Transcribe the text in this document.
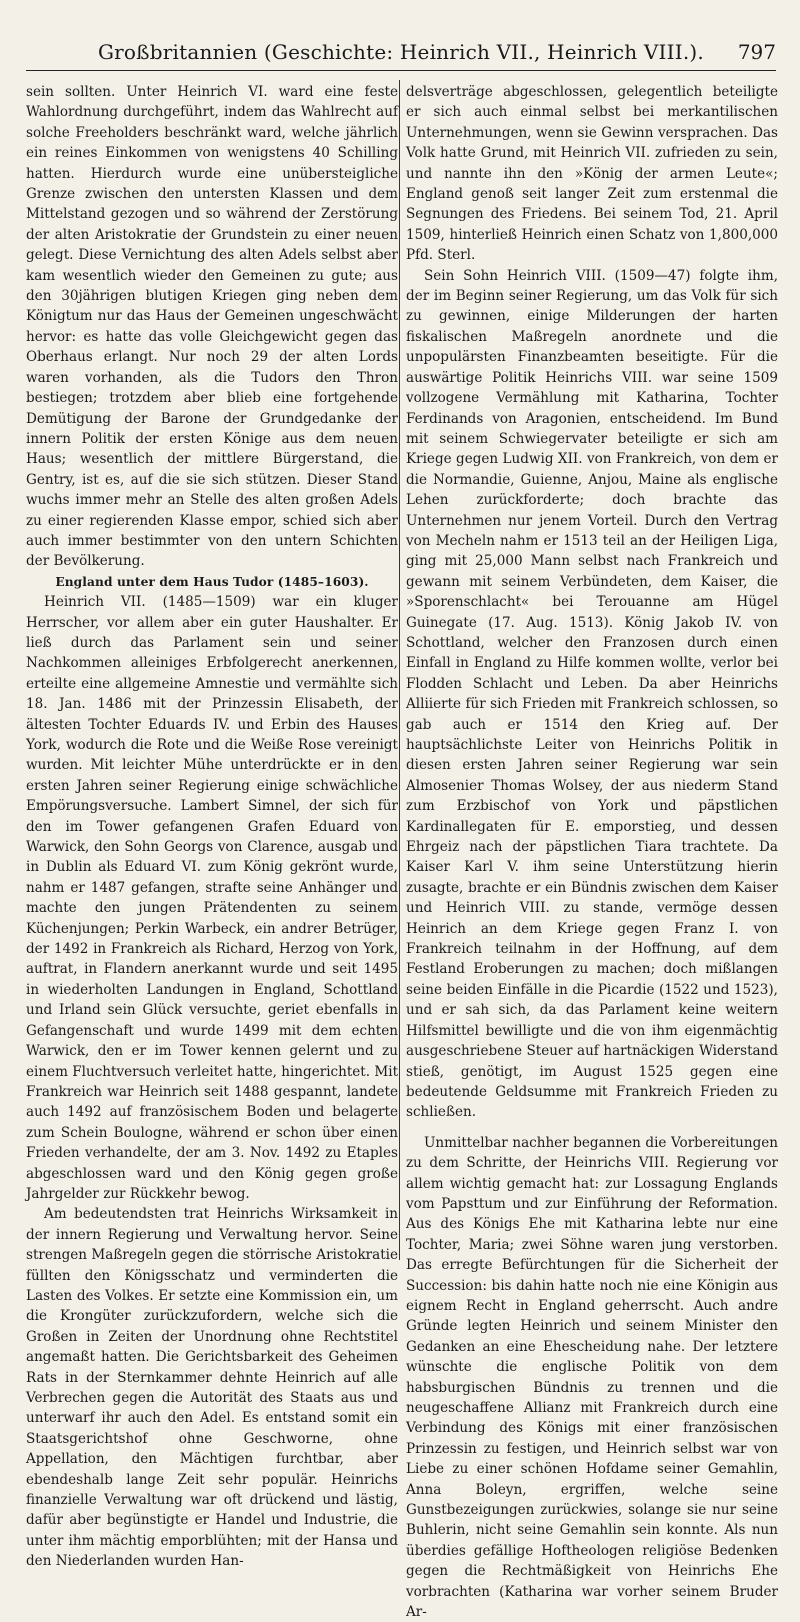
Großbritannien (Geschichte: Heinrich VII., Heinrich VIII.).	797

sein sollten. Unter Heinrich VI. ward eine feste Wahlordnung durchgeführt, indem das Wahlrecht auf solche Freeholders beschränkt ward, welche jährlich ein reines Einkommen von wenigstens 40 Schilling hatten. Hierdurch wurde eine unübersteigliche Grenze zwischen den untersten Klassen und dem Mittelstand gezogen und so während der Zerstörung der alten Aristokratie der Grundstein zu einer neuen gelegt. Diese Vernichtung des alten Adels selbst aber kam wesentlich wieder den Gemeinen zu gute; aus den 30jährigen blutigen Kriegen ging neben dem Königtum nur das Haus der Gemeinen ungeschwächt hervor: es hatte das volle Gleichgewicht gegen das Oberhaus erlangt. Nur noch 29 der alten Lords waren vorhanden, als die Tudors den Thron bestiegen; trotzdem aber blieb eine fortgehende Demütigung der Barone der Grundgedanke der innern Politik der ersten Könige aus dem neuen Haus; wesentlich der mittlere Bürgerstand, die Gentry, ist es, auf die sie sich stützen. Dieser Stand wuchs immer mehr an Stelle des alten großen Adels zu einer regierenden Klasse empor, schied sich aber auch immer bestimmter von den untern Schichten der Bevölkerung.

England unter dem Haus Tudor (1485–1603).

Heinrich VII. (1485—1509) war ein kluger Herrscher, vor allem aber ein guter Haushalter. Er ließ durch das Parlament sein und seiner Nachkommen alleiniges Erbfolgerecht anerkennen, erteilte eine allgemeine Amnestie und vermählte sich 18. Jan. 1486 mit der Prinzessin Elisabeth, der ältesten Tochter Eduards IV. und Erbin des Hauses York, wodurch die Rote und die Weiße Rose vereinigt wurden. Mit leichter Mühe unterdrückte er in den ersten Jahren seiner Regierung einige schwächliche Empörungsversuche. Lambert Simnel, der sich für den im Tower gefangenen Grafen Eduard von Warwick, den Sohn Georgs von Clarence, ausgab und in Dublin als Eduard VI. zum König gekrönt wurde, nahm er 1487 gefangen, strafte seine Anhänger und machte den jungen Prätendenten zu seinem Küchenjungen; Perkin Warbeck, ein andrer Betrüger, der 1492 in Frankreich als Richard, Herzog von York, auftrat, in Flandern anerkannt wurde und seit 1495 in wiederholten Landungen in England, Schottland und Irland sein Glück versuchte, geriet ebenfalls in Gefangenschaft und wurde 1499 mit dem echten Warwick, den er im Tower kennen gelernt und zu einem Fluchtversuch verleitet hatte, hingerichtet. Mit Frankreich war Heinrich seit 1488 gespannt, landete auch 1492 auf französischem Boden und belagerte zum Schein Boulogne, während er schon über einen Frieden verhandelte, der am 3. Nov. 1492 zu Etaples abgeschlossen ward und den König gegen große Jahrgelder zur Rückkehr bewog.

Am bedeutendsten trat Heinrichs Wirksamkeit in der innern Regierung und Verwaltung hervor. Seine strengen Maßregeln gegen die störrische Aristokratie füllten den Königsschatz und verminderten die Lasten des Volkes. Er setzte eine Kommission ein, um die Krongüter zurückzufordern, welche sich die Großen in Zeiten der Unordnung ohne Rechtstitel angemaßt hatten. Die Gerichtsbarkeit des Geheimen Rats in der Sternkammer dehnte Heinrich auf alle Verbrechen gegen die Autorität des Staats aus und unterwarf ihr auch den Adel. Es entstand somit ein Staatsgerichtshof ohne Geschworne, ohne Appellation, den Mächtigen furchtbar, aber ebendeshalb lange Zeit sehr populär. Heinrichs finanzielle Verwaltung war oft drückend und lästig, dafür aber begünstigte er Handel und Industrie, die unter ihm mächtig emporblühten; mit der Hansa und den Niederlanden wurden Han-

delsverträge abgeschlossen, gelegentlich beteiligte er sich auch einmal selbst bei merkantilischen Unternehmungen, wenn sie Gewinn versprachen. Das Volk hatte Grund, mit Heinrich VII. zufrieden zu sein, und nannte ihn den »König der armen Leute«; England genoß seit langer Zeit zum erstenmal die Segnungen des Friedens. Bei seinem Tod, 21. April 1509, hinterließ Heinrich einen Schatz von 1,800,000 Pfd. Sterl.

Sein Sohn Heinrich VIII. (1509—47) folgte ihm, der im Beginn seiner Regierung, um das Volk für sich zu gewinnen, einige Milderungen der harten fiskalischen Maßregeln anordnete und die unpopulärsten Finanzbeamten beseitigte. Für die auswärtige Politik Heinrichs VIII. war seine 1509 vollzogene Vermählung mit Katharina, Tochter Ferdinands von Aragonien, entscheidend. Im Bund mit seinem Schwiegervater beteiligte er sich am Kriege gegen Ludwig XII. von Frankreich, von dem er die Normandie, Guienne, Anjou, Maine als englische Lehen zurückforderte; doch brachte das Unternehmen nur jenem Vorteil. Durch den Vertrag von Mecheln nahm er 1513 teil an der Heiligen Liga, ging mit 25,000 Mann selbst nach Frankreich und gewann mit seinem Verbündeten, dem Kaiser, die »Sporenschlacht« bei Terouanne am Hügel Guinegate (17. Aug. 1513). König Jakob IV. von Schottland, welcher den Franzosen durch einen Einfall in England zu Hilfe kommen wollte, verlor bei Flodden Schlacht und Leben. Da aber Heinrichs Alliierte für sich Frieden mit Frankreich schlossen, so gab auch er 1514 den Krieg auf. Der hauptsächlichste Leiter von Heinrichs Politik in diesen ersten Jahren seiner Regierung war sein Almosenier Thomas Wolsey, der aus niederm Stand zum Erzbischof von York und päpstlichen Kardinallegaten für E. emporstieg, und dessen Ehrgeiz nach der päpstlichen Tiara trachtete. Da Kaiser Karl V. ihm seine Unterstützung hierin zusagte, brachte er ein Bündnis zwischen dem Kaiser und Heinrich VIII. zu stande, vermöge dessen Heinrich an dem Kriege gegen Franz I. von Frankreich teilnahm in der Hoffnung, auf dem Festland Eroberungen zu machen; doch mißlangen seine beiden Einfälle in die Picardie (1522 und 1523), und er sah sich, da das Parlament keine weitern Hilfsmittel bewilligte und die von ihm eigenmächtig ausgeschriebene Steuer auf hartnäckigen Widerstand stieß, genötigt, im August 1525 gegen eine bedeutende Geldsumme mit Frankreich Frieden zu schließen.

Unmittelbar nachher begannen die Vorbereitungen zu dem Schritte, der Heinrichs VIII. Regierung vor allem wichtig gemacht hat: zur Lossagung Englands vom Papsttum und zur Einführung der Reformation. Aus des Königs Ehe mit Katharina lebte nur eine Tochter, Maria; zwei Söhne waren jung verstorben. Das erregte Befürchtungen für die Sicherheit der Succession: bis dahin hatte noch nie eine Königin aus eignem Recht in England geherrscht. Auch andre Gründe legten Heinrich und seinem Minister den Gedanken an eine Ehescheidung nahe. Der letztere wünschte die englische Politik von dem habsburgischen Bündnis zu trennen und die neugeschaffene Allianz mit Frankreich durch eine Verbindung des Königs mit einer französischen Prinzessin zu festigen, und Heinrich selbst war von Liebe zu einer schönen Hofdame seiner Gemahlin, Anna Boleyn, ergriffen, welche seine Gunstbezeigungen zurückwies, solange sie nur seine Buhlerin, nicht seine Gemahlin sein konnte. Als nun überdies gefällige Hoftheologen religiöse Bedenken gegen die Rechtmäßigkeit von Heinrichs Ehe vorbrachten (Katharina war vorher seinem Bruder Ar-
